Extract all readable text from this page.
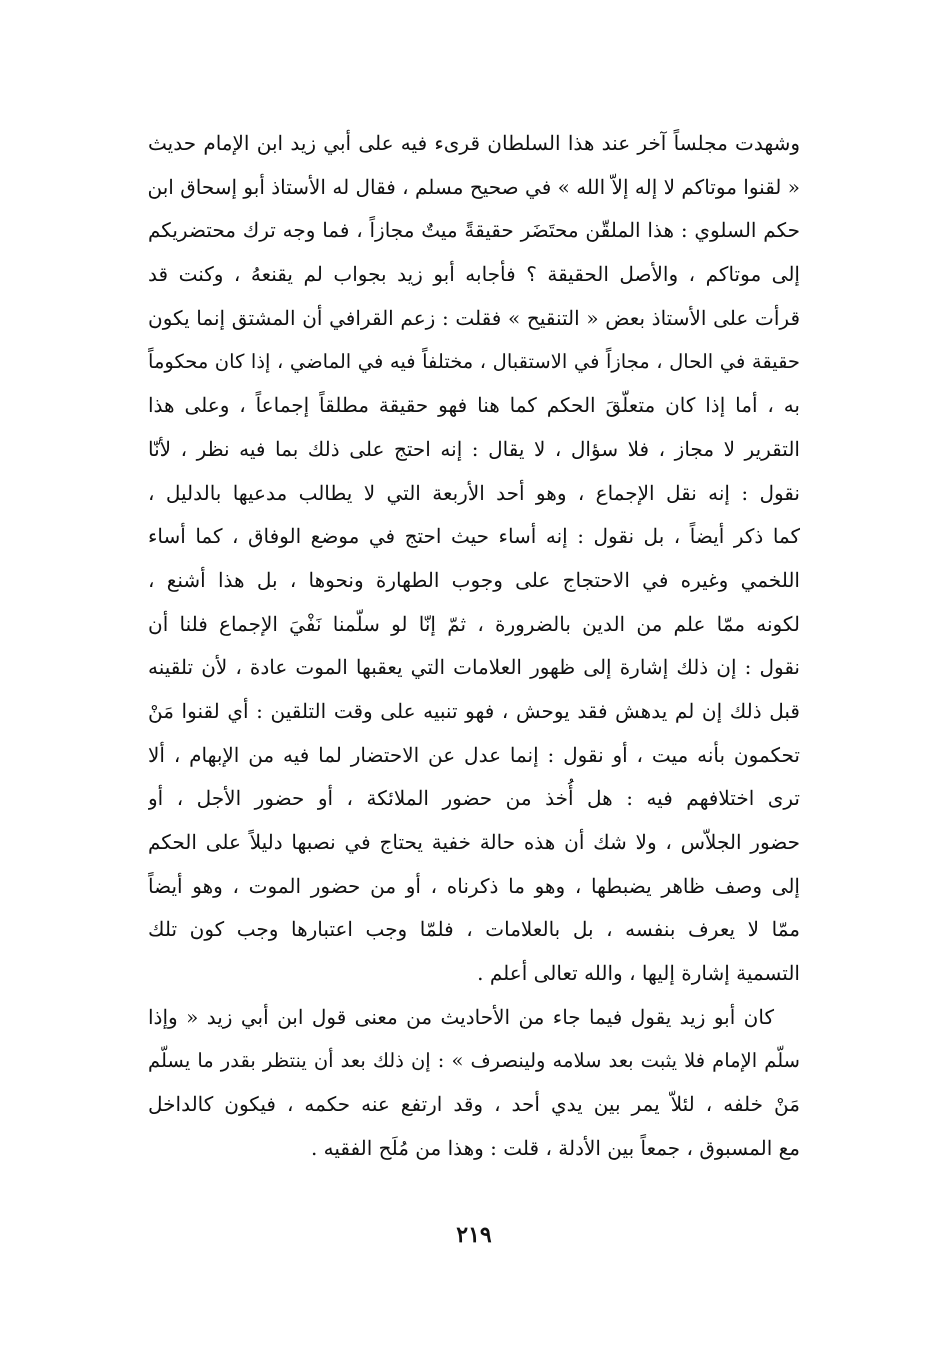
وشهدت مجلساً آخر عند هذا السلطان قرىء فيه على أبي زيد ابن الإمام حديث
« لقنوا موتاكم لا إله إلاّ الله » في صحيح مسلم ، فقال له الأستاذ أبو إسحاق ابن
حكم السلوي : هذا الملقّن محتَضَر حقيقةً ميتٌ مجازاً ، فما وجه ترك محتضريكم
إلى موتاكم ، والأصل الحقيقة ؟ فأجابه أبو زيد بجواب لم يقنعهُ ، وكنت قد
قرأت على الأستاذ بعض « التنقيح » فقلت : زعم القرافي أن المشتق إنما يكون
حقيقة في الحال ، مجازاً في الاستقبال ، مختلفاً فيه في الماضي ، إذا كان محكوماً
به ، أما إذا كان متعلّقَ الحكم كما هنا فهو حقيقة مطلقاً إجماعاً ، وعلى هذا
التقرير لا مجاز ، فلا سؤال ، لا يقال : إنه احتج على ذلك بما فيه نظر ، لأنّا
نقول : إنه نقل الإجماع ، وهو أحد الأربعة التي لا يطالب مدعيها بالدليل ،
كما ذكر أيضاً ، بل نقول : إنه أساء حيث احتج في موضع الوفاق ، كما أساء
اللخمي وغيره في الاحتجاج على وجوب الطهارة ونحوها ، بل هذا أشنع ،
لكونه ممّا علم من الدين بالضرورة ، ثمّ إنّا لو سلّمنا نَفْيَ الإجماع فلنا أن
نقول : إن ذلك إشارة إلى ظهور العلامات التي يعقبها الموت عادة ، لأن تلقينه
قبل ذلك إن لم يدهش فقد يوحش ، فهو تنبيه على وقت التلقين : أي لقنوا مَنْ
تحكمون بأنه ميت ، أو نقول : إنما عدل عن الاحتضار لما فيه من الإبهام ، ألا
ترى اختلافهم فيه : هل أُخذ من حضور الملائكة ، أو حضور الأجل ، أو
حضور الجلاّس ، ولا شك أن هذه حالة خفية يحتاج في نصبها دليلاً على الحكم
إلى وصف ظاهر يضبطها ، وهو ما ذكرناه ، أو من حضور الموت ، وهو أيضاً
ممّا لا يعرف بنفسه ، بل بالعلامات ، فلمّا وجب اعتبارها وجب كون تلك
التسمية إشارة إليها ، والله تعالى أعلم .
كان أبو زيد يقول فيما جاء من الأحاديث من معنى قول ابن أبي زيد « وإذا
سلّم الإمام فلا يثبت بعد سلامه ولينصرف » : إن ذلك بعد أن ينتظر بقدر ما يسلّم
مَنْ خلفه ، لئلاّ يمر بين يدي أحد ، وقد ارتفع عنه حكمه ، فيكون كالداخل
مع المسبوق ، جمعاً بين الأدلة ، قلت : وهذا من مُلَح الفقيه .
٢١٩
